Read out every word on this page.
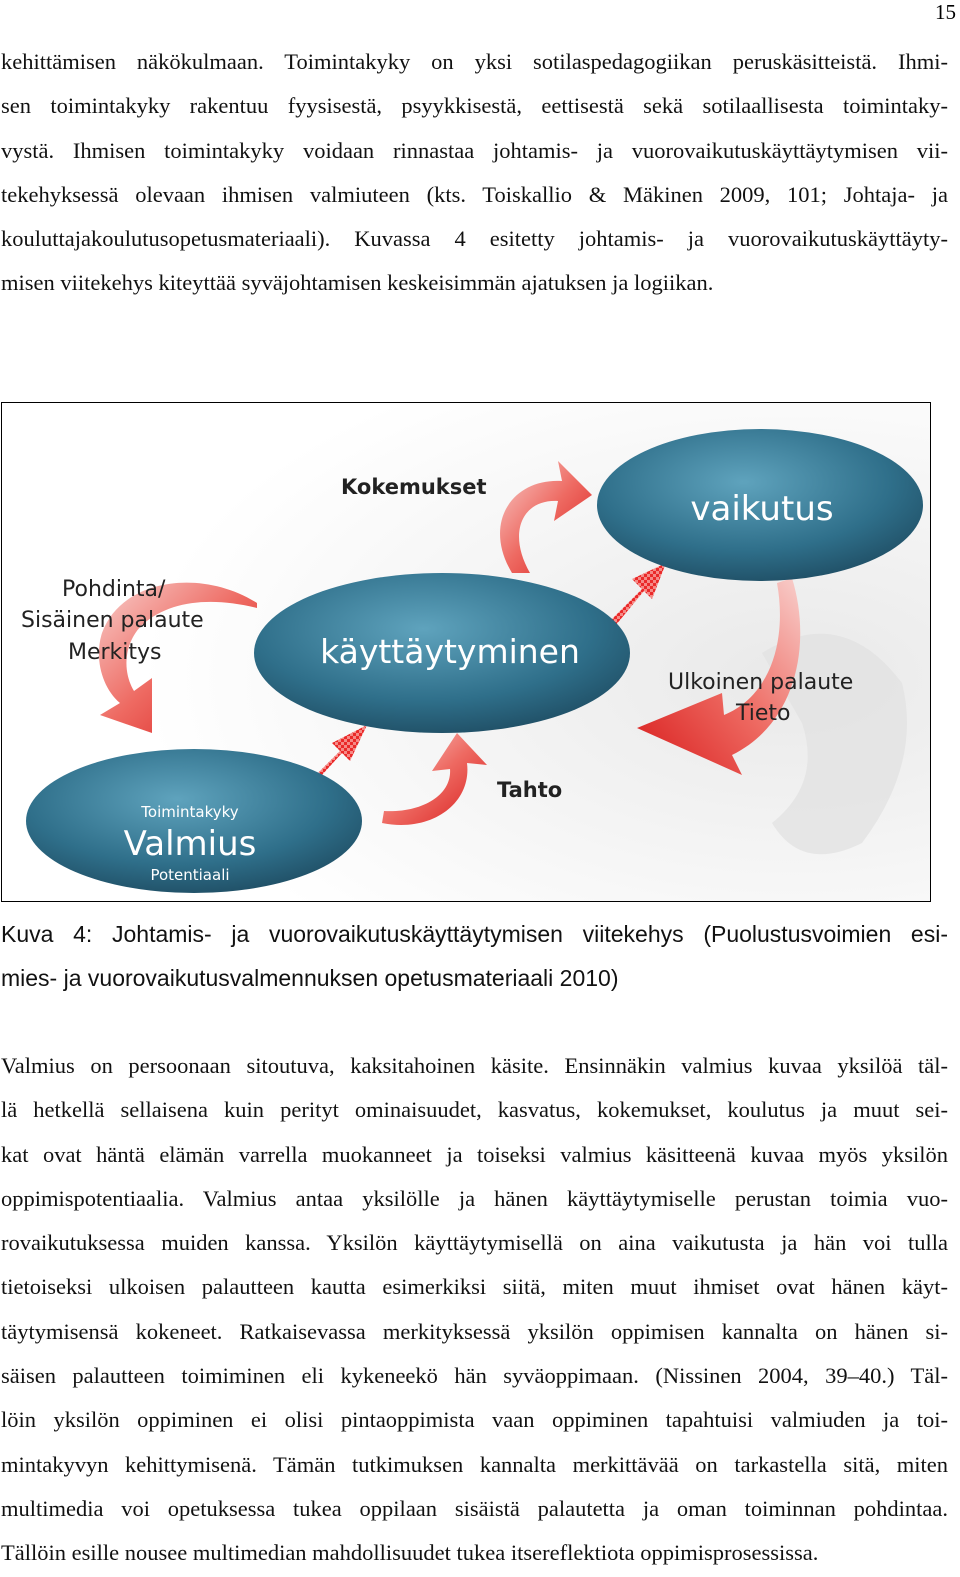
15
kehittämisen näkökulmaan. Toimintakyky on yksi sotilaspedagogiikan peruskäsitteistä. Ihmi-
sen toimintakyky rakentuu fyysisestä, psyykkisestä, eettisestä sekä sotilaallisesta toimintaky-
vystä. Ihmisen toimintakyky voidaan rinnastaa johtamis- ja vuorovaikutuskäyttäytymisen vii-
tekehyksessä olevaan ihmisen valmiuteen (kts. Toiskallio & Mäkinen 2009, 101; Johtaja- ja
kouluttajakoulutusopetusmateriaali). Kuvassa 4 esitetty johtamis- ja vuorovaikutuskäyttäyty-
misen viitekehys kiteyttää syväjohtamisen keskeisimmän ajatuksen ja logiikan.
vaikutus
käyttäytyminen
Toimintakyky
Valmius
Potentiaali
Kokemukset
Pohdinta/
Sisäinen palaute
Merkitys
Ulkoinen palaute
Tieto
Tahto
Kuva 4: Johtamis- ja vuorovaikutuskäyttäytymisen viitekehys (Puolustusvoimien esi-
mies- ja vuorovaikutusvalmennuksen opetusmateriaali 2010)
Valmius on persoonaan sitoutuva, kaksitahoinen käsite. Ensinnäkin valmius kuvaa yksilöä täl-
lä hetkellä sellaisena kuin perityt ominaisuudet, kasvatus, kokemukset, koulutus ja muut sei-
kat ovat häntä elämän varrella muokanneet ja toiseksi valmius käsitteenä kuvaa myös yksilön
oppimispotentiaalia. Valmius antaa yksilölle ja hänen käyttäytymiselle perustan toimia vuo-
rovaikutuksessa muiden kanssa. Yksilön käyttäytymisellä on aina vaikutusta ja hän voi tulla
tietoiseksi ulkoisen palautteen kautta esimerkiksi siitä, miten muut ihmiset ovat hänen käyt-
täytymisensä kokeneet. Ratkaisevassa merkityksessä yksilön oppimisen kannalta on hänen si-
säisen palautteen toimiminen eli kykeneekö hän syväoppimaan. (Nissinen 2004, 39–40.) Täl-
löin yksilön oppiminen ei olisi pintaoppimista vaan oppiminen tapahtuisi valmiuden ja toi-
mintakyvyn kehittymisenä. Tämän tutkimuksen kannalta merkittävää on tarkastella sitä, miten
multimedia voi opetuksessa tukea oppilaan sisäistä palautetta ja oman toiminnan pohdintaa.
Tällöin esille nousee multimedian mahdollisuudet tukea itsereflektiota oppimisprosessissa.
